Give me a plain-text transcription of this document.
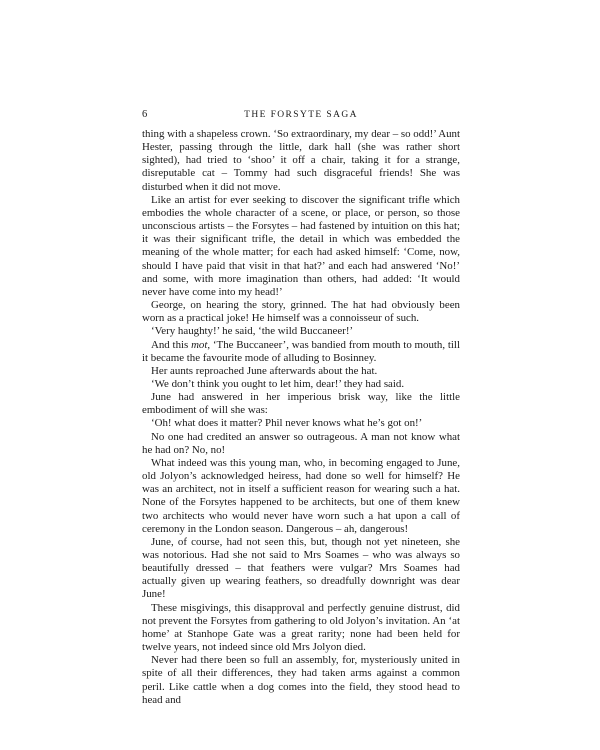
6	THE FORSYTE SAGA

thing with a shapeless crown. ‘So extraordinary, my dear – so odd!’ Aunt Hester, passing through the little, dark hall (she was rather short sighted), had tried to ‘shoo’ it off a chair, taking it for a strange, disreputable cat – Tommy had such disgraceful friends! She was disturbed when it did not move.

Like an artist for ever seeking to discover the significant trifle which embodies the whole character of a scene, or place, or person, so those unconscious artists – the Forsytes – had fastened by intuition on this hat; it was their significant trifle, the detail in which was embedded the meaning of the whole matter; for each had asked himself: ‘Come, now, should I have paid that visit in that hat?’ and each had answered ‘No!’ and some, with more imagination than others, had added: ‘It would never have come into my head!’

George, on hearing the story, grinned. The hat had obviously been worn as a practical joke! He himself was a connoisseur of such.

‘Very haughty!’ he said, ‘the wild Buccaneer!’

And this mot, ‘The Buccaneer’, was bandied from mouth to mouth, till it became the favourite mode of alluding to Bosinney.

Her aunts reproached June afterwards about the hat.

‘We don’t think you ought to let him, dear!’ they had said.

June had answered in her imperious brisk way, like the little embodiment of will she was:

‘Oh! what does it matter? Phil never knows what he’s got on!’

No one had credited an answer so outrageous. A man not know what he had on? No, no!

What indeed was this young man, who, in becoming engaged to June, old Jolyon’s acknowledged heiress, had done so well for himself? He was an architect, not in itself a sufficient reason for wearing such a hat. None of the Forsytes happened to be architects, but one of them knew two architects who would never have worn such a hat upon a call of ceremony in the London season. Dangerous – ah, dangerous!

June, of course, had not seen this, but, though not yet nineteen, she was notorious. Had she not said to Mrs Soames – who was always so beautifully dressed – that feathers were vulgar? Mrs Soames had actually given up wearing feathers, so dreadfully downright was dear June!

These misgivings, this disapproval and perfectly genuine distrust, did not prevent the Forsytes from gathering to old Jolyon’s invitation. An ‘at home’ at Stanhope Gate was a great rarity; none had been held for twelve years, not indeed since old Mrs Jolyon died.

Never had there been so full an assembly, for, mysteriously united in spite of all their differences, they had taken arms against a common peril. Like cattle when a dog comes into the field, they stood head to head and
